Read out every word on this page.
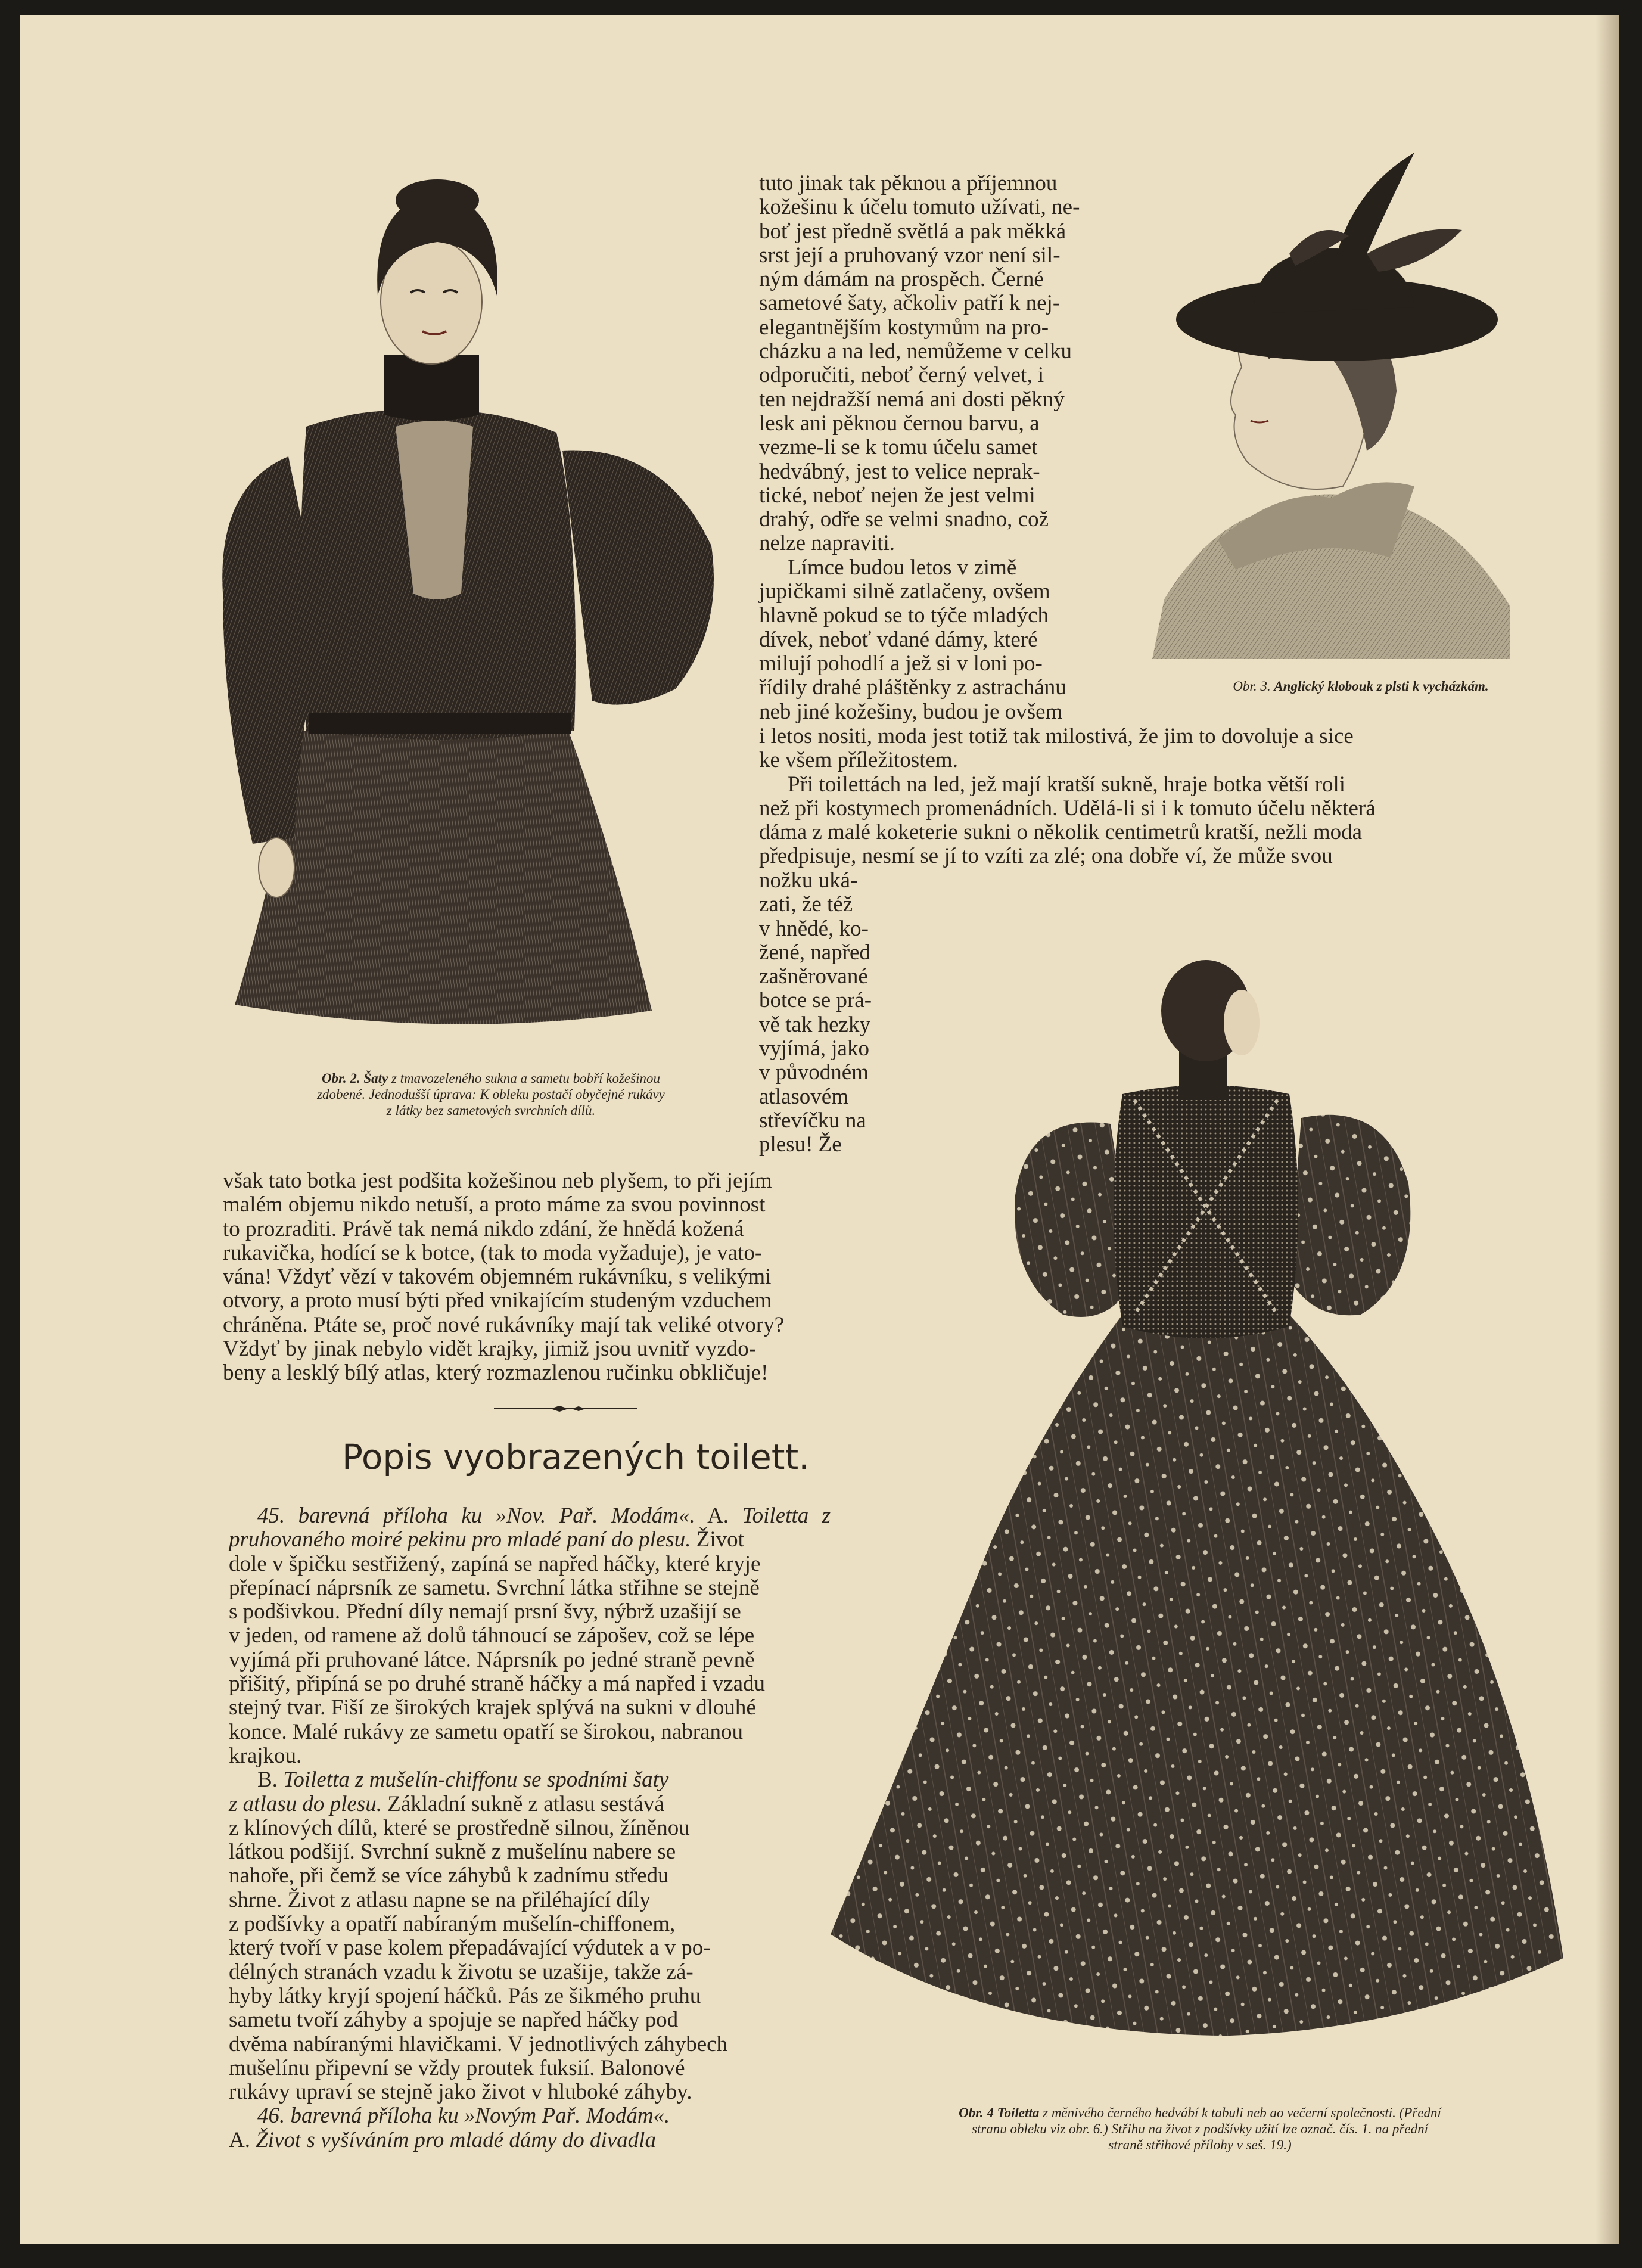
tuto jinak tak pěknou a příjemnou

kožešinu k účelu tomuto užívati, ne-

boť jest předně světlá a pak měkká

srst její a pruhovaný vzor není sil-

ným dámám na prospěch. Černé

sametové šaty, ačkoliv patří k nej-

elegantnějším kostymům na pro-

cházku a na led, nemůžeme v celku

odporučiti, neboť černý velvet, i

ten nejdražší nemá ani dosti pěkný

lesk ani pěknou černou barvu, a

vezme-li se k tomu účelu samet

hedvábný, jest to velice neprak-

tické, neboť nejen že jest velmi

drahý, odře se velmi snadno, což

nelze napraviti.

Límce budou letos v zimě

jupičkami silně zatlačeny, ovšem

hlavně pokud se to týče mladých

dívek, neboť vdané dámy, které

milují pohodlí a jež si v loni po-

řídily drahé pláštěnky z astrachánu

neb jiné kožešiny, budou je ovšem

Obr. 3. Anglický klobouk z plsti k vycházkám.

i letos nositi, moda jest totiž tak milostivá, že jim to dovoluje a sice

ke všem příležitostem.

Při toilettách na led, jež mají kratší sukně, hraje botka větší roli

než při kostymech promenádních. Udělá-li si i k tomuto účelu některá

dáma z malé koketerie sukni o několik centimetrů kratší, nežli moda

předpisuje, nesmí se jí to vzíti za zlé; ona dobře ví, že může svou

nožku uká-

zati, že též

v hnědé, ko-

žené, napřed

zašněrované

botce se prá-

vě tak hezky

vyjímá, jako

v původném

atlasovém

střevíčku na

plesu! Že

Obr. 2. Šaty z tmavozeleného sukna a sametu bobří kožešinou

zdobené. Jednodušší úprava: K obleku postačí obyčejné rukávy

z látky bez sametových svrchních dílů.

však tato botka jest podšita kožešinou neb plyšem, to při jejím

malém objemu nikdo netuší, a proto máme za svou povinnost

to prozraditi. Právě tak nemá nikdo zdání, že hnědá kožená

rukavička, hodící se k botce, (tak to moda vyžaduje), je vato-

vána! Vždyť vězí v takovém objemném rukávníku, s velikými

otvory, a proto musí býti před vnikajícím studeným vzduchem

chráněna. Ptáte se, proč nové rukávníky mají tak veliké otvory?

Vždyť by jinak nebylo vidět krajky, jimiž jsou uvnitř vyzdo-

beny a lesklý bílý atlas, který rozmazlenou ručinku obkličuje!

Popis vyobrazených toilett.

45. barevná příloha ku »Nov. Pař. Modám«. A. Toiletta z pruhovaného moiré pekinu pro mladé paní do plesu. Život

dole v špičku sestřižený, zapíná se napřed háčky, které kryje

přepínací náprsník ze sametu. Svrchní látka střihne se stejně

s podšivkou. Přední díly nemají prsní švy, nýbrž uzašijí se

v jeden, od ramene až dolů táhnoucí se zápošev, což se lépe

vyjímá při pruhované látce. Náprsník po jedné straně pevně

přišitý, připíná se po druhé straně háčky a má napřed i vzadu

stejný tvar. Fiší ze širokých krajek splývá na sukni v dlouhé

konce. Malé rukávy ze sametu opatří se širokou, nabranou

krajkou.

B. Toiletta z mušelín-chiffonu se spodními šaty

z atlasu do plesu. Základní sukně z atlasu sestává

z klínových dílů, které se prostředně silnou, žíněnou

látkou podšijí. Svrchní sukně z mušelínu nabere se

nahoře, při čemž se více záhybů k zadnímu středu

shrne. Život z atlasu napne se na přiléhající díly

z podšívky a opatří nabíraným mušelín-chiffonem,

který tvoří v pase kolem přepadávající výdutek a v po-

délných stranách vzadu k životu se uzašije, takže zá-

hyby látky kryjí spojení háčků. Pás ze šikmého pruhu

sametu tvoří záhyby a spojuje se napřed háčky pod

dvěma nabíranými hlavičkami. V jednotlivých záhybech

mušelínu připevní se vždy proutek fuksií. Balonové

rukávy upraví se stejně jako život v hluboké záhyby.

46. barevná příloha ku »Novým Pař. Modám«.

A. Život s vyšíváním pro mladé dámy do divadla

Obr. 4 Toiletta z měnivého černého hedvábí k tabuli neb ao večerní společnosti. (Přední

stranu obleku viz obr. 6.) Střihu na život z podšívky užití lze označ. čís. 1. na přední

straně střihové přílohy v seš. 19.)
